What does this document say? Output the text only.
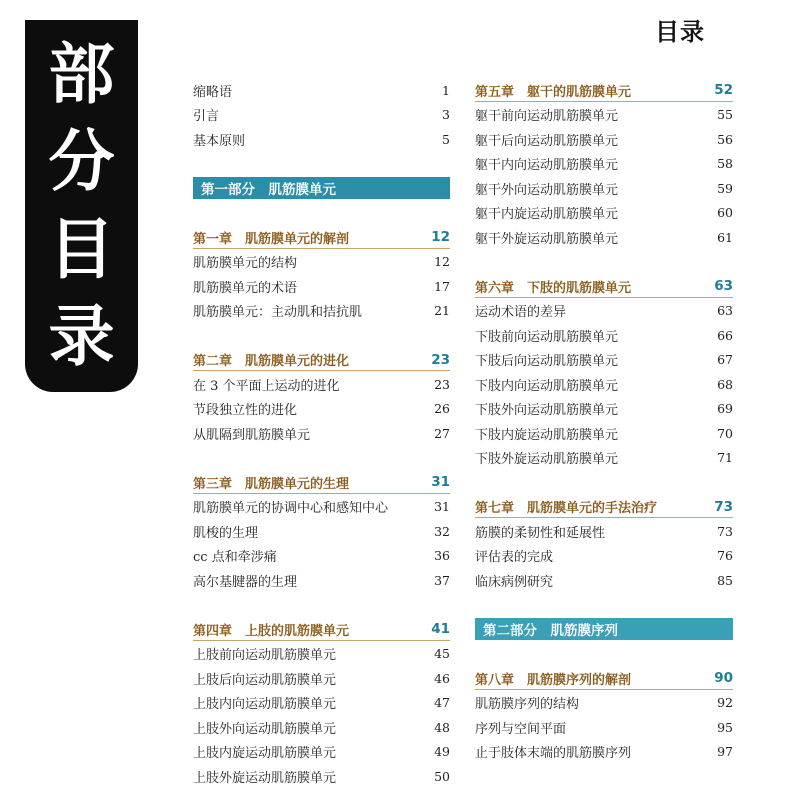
部
分
目
录
目录
缩略语	1
引言	3
基本原则	5
第一部分　肌筋膜单元
第一章　肌筋膜单元的解剖	12
肌筋膜单元的结构	12
肌筋膜单元的术语	17
肌筋膜单元：主动肌和拮抗肌	21
第二章　肌筋膜单元的进化	23
在 3 个平面上运动的进化	23
节段独立性的进化	26
从肌隔到肌筋膜单元	27
第三章　肌筋膜单元的生理	31
肌筋膜单元的协调中心和感知中心	31
肌梭的生理	32
cc 点和牵涉痛	36
高尔基腱器的生理	37
第四章　上肢的肌筋膜单元	41
上肢前向运动肌筋膜单元	45
上肢后向运动肌筋膜单元	46
上肢内向运动肌筋膜单元	47
上肢外向运动肌筋膜单元	48
上肢内旋运动肌筋膜单元	49
上肢外旋运动肌筋膜单元	50
第五章　躯干的肌筋膜单元	52
躯干前向运动肌筋膜单元	55
躯干后向运动肌筋膜单元	56
躯干内向运动肌筋膜单元	58
躯干外向运动肌筋膜单元	59
躯干内旋运动肌筋膜单元	60
躯干外旋运动肌筋膜单元	61
第六章　下肢的肌筋膜单元	63
运动术语的差异	63
下肢前向运动肌筋膜单元	66
下肢后向运动肌筋膜单元	67
下肢内向运动肌筋膜单元	68
下肢外向运动肌筋膜单元	69
下肢内旋运动肌筋膜单元	70
下肢外旋运动肌筋膜单元	71
第七章　肌筋膜单元的手法治疗	73
筋膜的柔韧性和延展性	73
评估表的完成	76
临床病例研究	85
第二部分　肌筋膜序列
第八章　肌筋膜序列的解剖	90
肌筋膜序列的结构	92
序列与空间平面	95
止于肢体末端的肌筋膜序列	97
